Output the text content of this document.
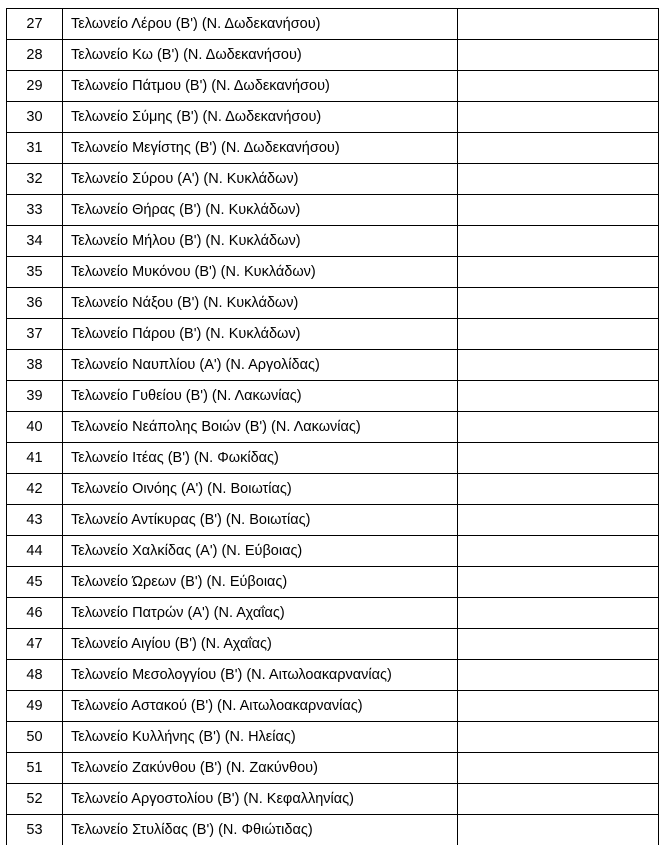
27	Τελωνείο Λέρου (Β') (Ν. Δωδεκανήσου)	
28	Τελωνείο Κω (Β') (Ν. Δωδεκανήσου)	
29	Τελωνείο Πάτμου (Β') (Ν. Δωδεκανήσου)	
30	Τελωνείο Σύμης (Β') (Ν. Δωδεκανήσου)	
31	Τελωνείο Μεγίστης (Β') (Ν. Δωδεκανήσου)	
32	Τελωνείο Σύρου (Α') (Ν. Κυκλάδων)	
33	Τελωνείο Θήρας (Β') (Ν. Κυκλάδων)	
34	Τελωνείο Μήλου (Β') (Ν. Κυκλάδων)	
35	Τελωνείο Μυκόνου (Β') (Ν. Κυκλάδων)	
36	Τελωνείο Νάξου (Β') (Ν. Κυκλάδων)	
37	Τελωνείο Πάρου (Β') (Ν. Κυκλάδων)	
38	Τελωνείο Ναυπλίου (Α') (Ν. Αργολίδας)	
39	Τελωνείο Γυθείου (Β') (Ν. Λακωνίας)	
40	Τελωνείο Νεάπολης Βοιών (Β') (Ν. Λακωνίας)	
41	Τελωνείο Ιτέας (Β') (Ν. Φωκίδας)	
42	Τελωνείο Οινόης (Α') (Ν. Βοιωτίας)	
43	Τελωνείο Αντίκυρας (Β') (Ν. Βοιωτίας)	
44	Τελωνείο Χαλκίδας (Α') (Ν. Εύβοιας)	
45	Τελωνείο Ώρεων (Β') (Ν. Εύβοιας)	
46	Τελωνείο Πατρών (Α') (Ν. Αχαΐας)	
47	Τελωνείο Αιγίου (Β') (Ν. Αχαΐας)	
48	Τελωνείο Μεσολογγίου (Β') (Ν. Αιτωλοακαρνανίας)	
49	Τελωνείο Αστακού (Β') (Ν. Αιτωλοακαρνανίας)	
50	Τελωνείο Κυλλήνης (Β') (Ν. Ηλείας)	
51	Τελωνείο Ζακύνθου (Β') (Ν. Ζακύνθου)	
52	Τελωνείο Αργοστολίου (Β') (Ν. Κεφαλληνίας)	
53	Τελωνείο Στυλίδας (Β') (Ν. Φθιώτιδας)	
